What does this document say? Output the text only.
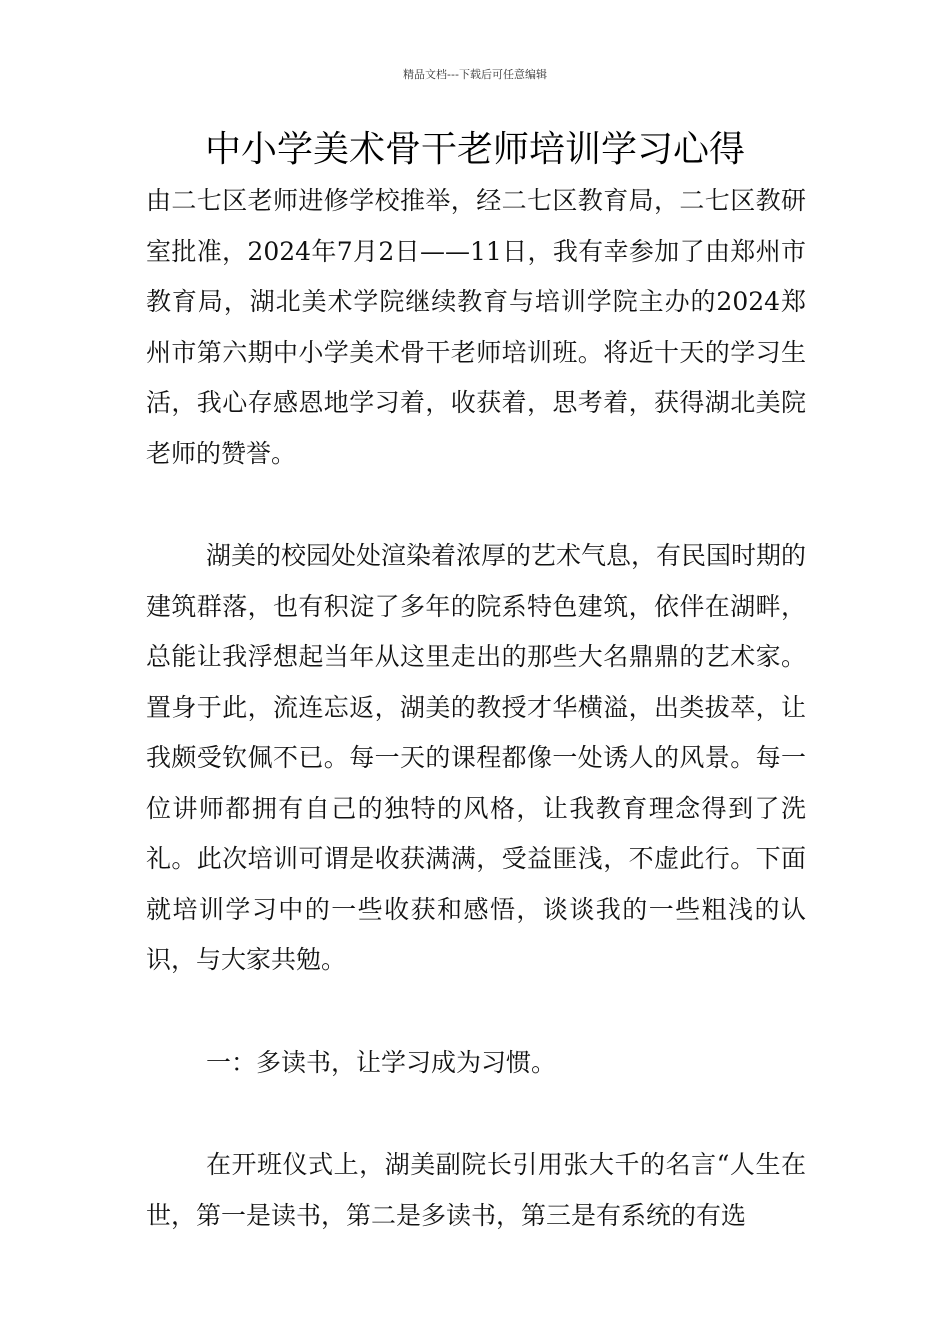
精品文档---下载后可任意编辑
中小学美术骨干老师培训学习心得

由二七区老师进修学校推举，经二七区教育局，二七区教研室批准，2024年7月2日——11日，我有幸参加了由郑州市教育局，湖北美术学院继续教育与培训学院主办的2024郑州市第六期中小学美术骨干老师培训班。将近十天的学习生活，我心存感恩地学习着，收获着，思考着，获得湖北美院老师的赞誉。

湖美的校园处处渲染着浓厚的艺术气息，有民国时期的建筑群落，也有积淀了多年的院系特色建筑，依伴在湖畔，总能让我浮想起当年从这里走出的那些大名鼎鼎的艺术家。置身于此，流连忘返，湖美的教授才华横溢，出类拔萃，让我颇受钦佩不已。每一天的课程都像一处诱人的风景。每一位讲师都拥有自己的独特的风格，让我教育理念得到了洗礼。此次培训可谓是收获满满，受益匪浅，不虚此行。下面就培训学习中的一些收获和感悟，谈谈我的一些粗浅的认识，与大家共勉。

一：多读书，让学习成为习惯。

在开班仪式上，湖美副院长引用张大千的名言“人生在世，第一是读书，第二是多读书，第三是有系统的有选
